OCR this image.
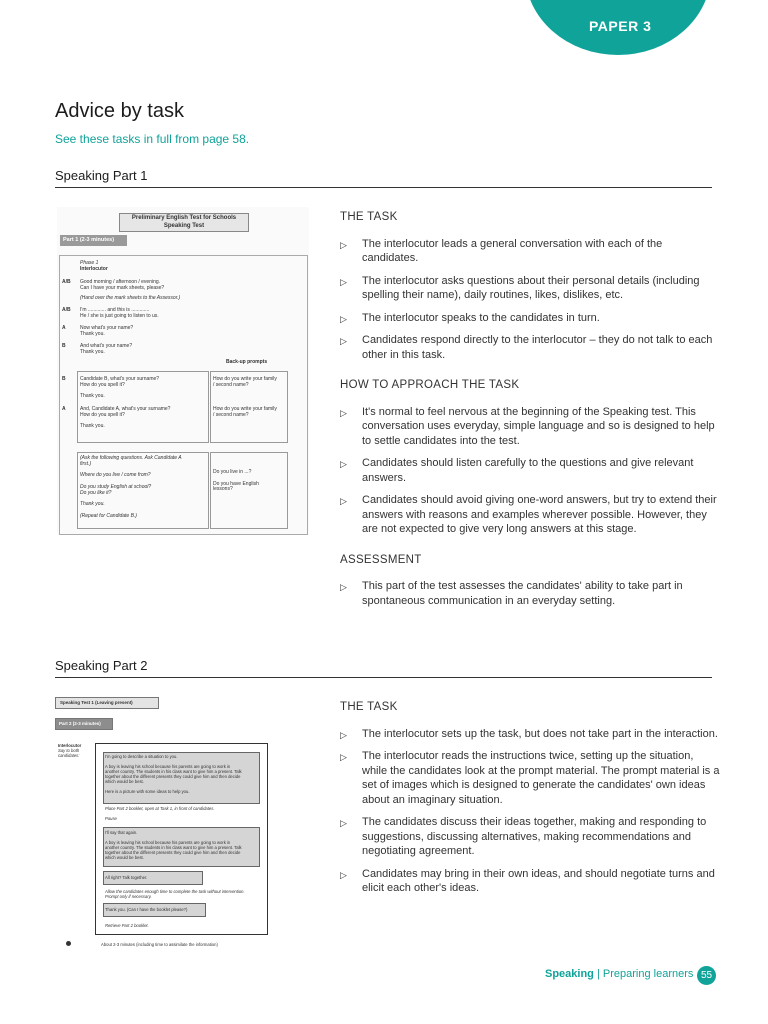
PAPER 3
Advice by task
See these tasks in full from page 58.
Speaking Part 1
Preliminary English Test for Schools
Speaking Test
Part 1 (2-3 minutes)
Phase 1
Interlocutor
A/B Good morning / afternoon / evening.
Can I have your mark sheets, please?
(Hand over the mark sheets to the Assessor.)
A/B I'm ............. and this is .............
He / she is just going to listen to us.
A	Now what's your name?
Thank you.
B	And what's your name?
Thank you.
Back-up prompts
B	Candidate B, what's your surname?
How do you spell it?

Thank you.
How do you write your family
/ second name?
A	And, Candidate A, what's your surname?
How do you spell it?

Thank you.
How do you write your family
/ second name?
(Ask the following questions. Ask Candidate A
first.)

Where do you live / come from?

Do you study English at school?
Do you like it?

Thank you.

(Repeat for Candidate B.)
Do you live in ...?

Do you have English
lessons?
THE TASK
▷ The interlocutor leads a general conversation with each of the candidates.
▷ The interlocutor asks questions about their personal details (including spelling their name), daily routines, likes, dislikes, etc.
▷ The interlocutor speaks to the candidates in turn.
▷ Candidates respond directly to the interlocutor – they do not talk to each other in this task.
HOW TO APPROACH THE TASK
▷ It's normal to feel nervous at the beginning of the Speaking test. This conversation uses everyday, simple language and so is designed to help to settle candidates into the test.
▷ Candidates should listen carefully to the questions and give relevant answers.
▷ Candidates should avoid giving one-word answers, but try to extend their answers with reasons and examples wherever possible. However, they are not expected to give very long answers at this stage.
ASSESSMENT
▷ This part of the test assesses the candidates' ability to take part in spontaneous communication in an everyday setting.
Speaking Part 2
Speaking Test 1 (Leaving present)
Part 2 (2-3 minutes)
Interlocutor
Say to both
candidates:	I'm going to describe a situation to you.

A boy is leaving his school because his parents are going to work in
another country. The students in his class want to give him a present. Talk
together about the different presents they could give him and then decide
which would be best.

Here is a picture with some ideas to help you.
Place Part 2 booklet, open at Task 1, in front of candidates.

Pause
I'll say that again.

A boy is leaving his school because his parents are going to work in
another country. The students in his class want to give him a present. Talk
together about the different presents they could give him and then decide
which would be best.
All right? Talk together.
Allow the candidates enough time to complete the task without intervention.
Prompt only if necessary.
Thank you. (Can I have the booklet please?)
Retrieve Part 2 booklet.
About 2-3 minutes (including time to assimilate the information)
THE TASK
▷ The interlocutor sets up the task, but does not take part in the interaction.
▷ The interlocutor reads the instructions twice, setting up the situation, while the candidates look at the prompt material. The prompt material is a set of images which is designed to generate the candidates' own ideas about an imaginary situation.
▷ The candidates discuss their ideas together, making and responding to suggestions, discussing alternatives, making recommendations and negotiating agreement.
▷ Candidates may bring in their own ideas, and should negotiate turns and elicit each other's ideas.
Speaking | Preparing learners 55
